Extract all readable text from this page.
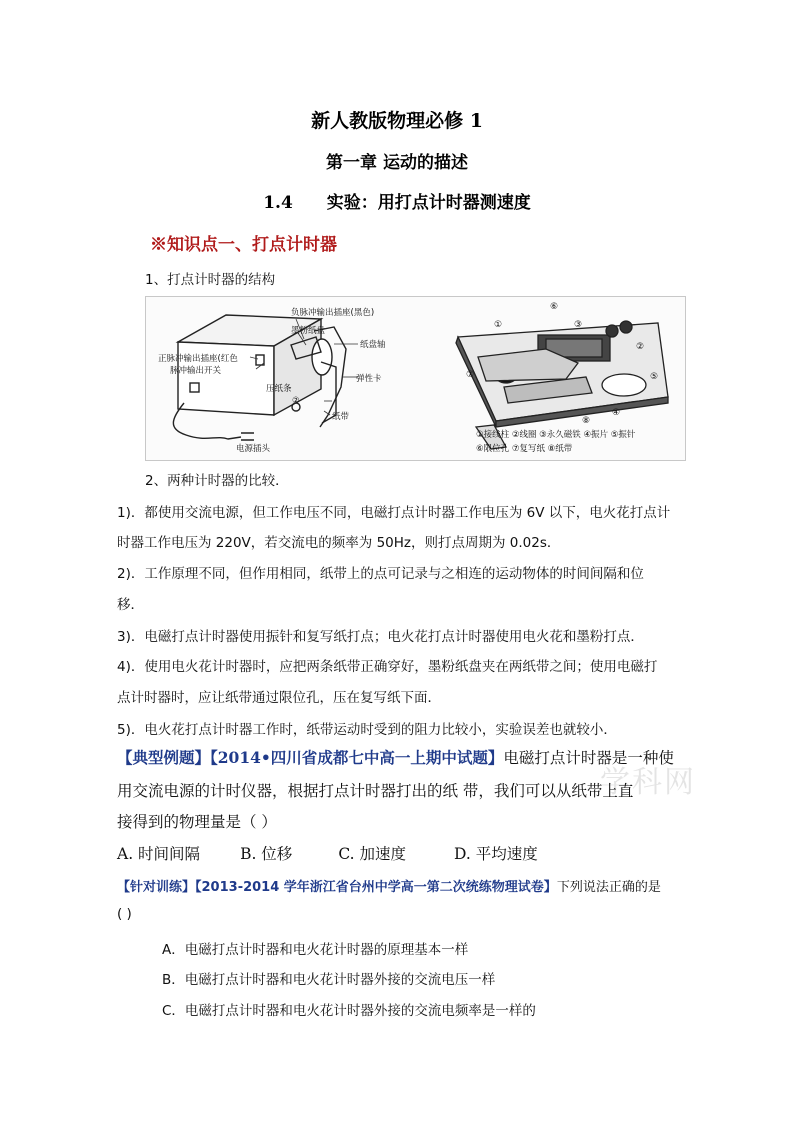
新人教版物理必修 1
第一章 运动的描述
1.4 实验：用打点计时器测速度
※知识点一、打点计时器
1、打点计时器的结构
负脉冲输出插座(黑色)
墨粉纸盘
纸盘轴
正脉冲输出插座(红色
脉冲输出开关
弹性卡
压纸条
②
纸带
电源插头
⑥
①	③
②
⑦	⑤
⑧
④
①接线柱 ②线圈 ③永久磁铁 ④振片 ⑤振针
⑥限位孔 ⑦复写纸 ⑧纸带
2、两种计时器的比较．
1)．都使用交流电源，但工作电压不同，电磁打点计时器工作电压为 6V 以下，电火花打点计
时器工作电压为 220V，若交流电的频率为 50Hz，则打点周期为 0.02s．
2)．工作原理不同，但作用相同，纸带上的点可记录与之相连的运动物体的时间间隔和位
移．
3)．电磁打点计时器使用振针和复写纸打点；电火花打点计时器使用电火花和墨粉打点．
4)．使用电火花计时器时，应把两条纸带正确穿好，墨粉纸盘夹在两纸带之间；使用电磁打
点计时器时，应让纸带通过限位孔，压在复写纸下面．
5)．电火花打点计时器工作时，纸带运动时受到的阻力比较小，实验误差也就较小．
学科网
【典型例题】【2014•四川省成都七中高一上期中试题】电磁打点计时器是一种使
用交流电源的计时仪器，根据打点计时器打出的纸 带，我们可以从纸带上直
接得到的物理量是（ ）
A. 时间间隔	B. 位移	C. 加速度	D. 平均速度
【针对训练】【2013-2014 学年浙江省台州中学高一第二次统练物理试卷】下列说法正确的是
( )
A．电磁打点计时器和电火花计时器的原理基本一样
B．电磁打点计时器和电火花计时器外接的交流电压一样
C．电磁打点计时器和电火花计时器外接的交流电频率是一样的
